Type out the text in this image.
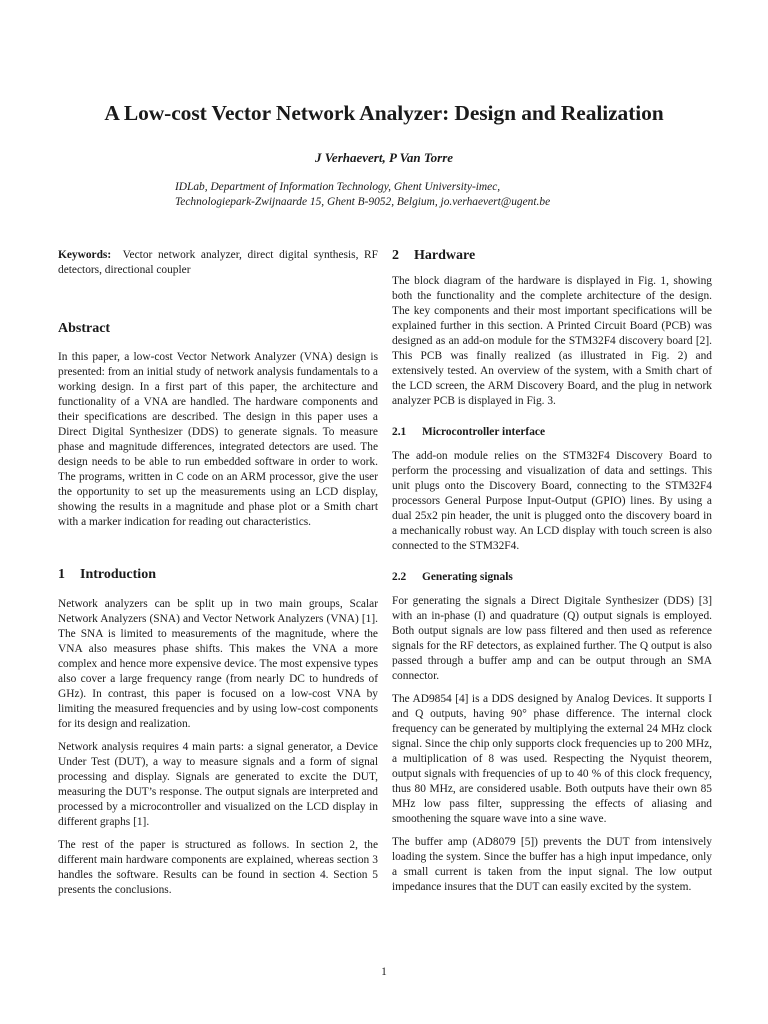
A Low-cost Vector Network Analyzer: Design and Realization
J Verhaevert, P Van Torre
IDLab, Department of Information Technology, Ghent University-imec,
Technologiepark-Zwijnaarde 15, Ghent B-9052, Belgium, jo.verhaevert@ugent.be

Keywords: Vector network analyzer, direct digital synthesis, RF detectors, directional coupler

Abstract

In this paper, a low-cost Vector Network Analyzer (VNA) design is presented: from an initial study of network analysis fundamentals to a working design. In a first part of this paper, the architecture and functionality of a VNA are handled. The hardware components and their specifications are described. The design in this paper uses a Direct Digital Synthesizer (DDS) to generate signals. To measure phase and magnitude differences, integrated detectors are used. The design needs to be able to run embedded software in order to work. The programs, written in C code on an ARM processor, give the user the opportunity to set up the measurements using an LCD display, showing the results in a magnitude and phase plot or a Smith chart with a marker indication for reading out characteristics.

1 Introduction

Network analyzers can be split up in two main groups, Scalar Network Analyzers (SNA) and Vector Network Analyzers (VNA) [1]. The SNA is limited to measurements of the magnitude, where the VNA also measures phase shifts. This makes the VNA a more complex and hence more expensive device. The most expensive types also cover a large frequency range (from nearly DC to hundreds of GHz). In contrast, this paper is focused on a low-cost VNA by limiting the measured frequencies and by using low-cost components for its design and realization.

Network analysis requires 4 main parts: a signal generator, a Device Under Test (DUT), a way to measure signals and a form of signal processing and display. Signals are generated to excite the DUT, measuring the DUT’s response. The output signals are interpreted and processed by a microcontroller and visualized on the LCD display in different graphs [1].

The rest of the paper is structured as follows. In section 2, the different main hardware components are explained, whereas section 3 handles the software. Results can be found in section 4. Section 5 presents the conclusions.

2 Hardware

The block diagram of the hardware is displayed in Fig. 1, showing both the functionality and the complete architecture of the design. The key components and their most important specifications will be explained further in this section. A Printed Circuit Board (PCB) was designed as an add-on module for the STM32F4 discovery board [2]. This PCB was finally realized (as illustrated in Fig. 2) and extensively tested. An overview of the system, with a Smith chart of the LCD screen, the ARM Discovery Board, and the plug in network analyzer PCB is displayed in Fig. 3.

2.1 Microcontroller interface

The add-on module relies on the STM32F4 Discovery Board to perform the processing and visualization of data and settings. This unit plugs onto the Discovery Board, connecting to the STM32F4 processors General Purpose Input-Output (GPIO) lines. By using a dual 25x2 pin header, the unit is plugged onto the discovery board in a mechanically robust way. An LCD display with touch screen is also connected to the STM32F4.

2.2 Generating signals

For generating the signals a Direct Digitale Synthesizer (DDS) [3] with an in-phase (I) and quadrature (Q) output signals is employed. Both output signals are low pass filtered and then used as reference signals for the RF detectors, as explained further. The Q output is also passed through a buffer amp and can be output through an SMA connector.

The AD9854 [4] is a DDS designed by Analog Devices. It supports I and Q outputs, having 90° phase difference. The internal clock frequency can be generated by multiplying the external 24 MHz clock signal. Since the chip only supports clock frequencies up to 200 MHz, a multiplication of 8 was used. Respecting the Nyquist theorem, output signals with frequencies of up to 40 % of this clock frequency, thus 80 MHz, are considered usable. Both outputs have their own 85 MHz low pass filter, suppressing the effects of aliasing and smoothening the square wave into a sine wave.

The buffer amp (AD8079 [5]) prevents the DUT from intensively loading the system. Since the buffer has a high input impedance, only a small current is taken from the input signal. The low output impedance insures that the DUT can easily excited by the system.

1
